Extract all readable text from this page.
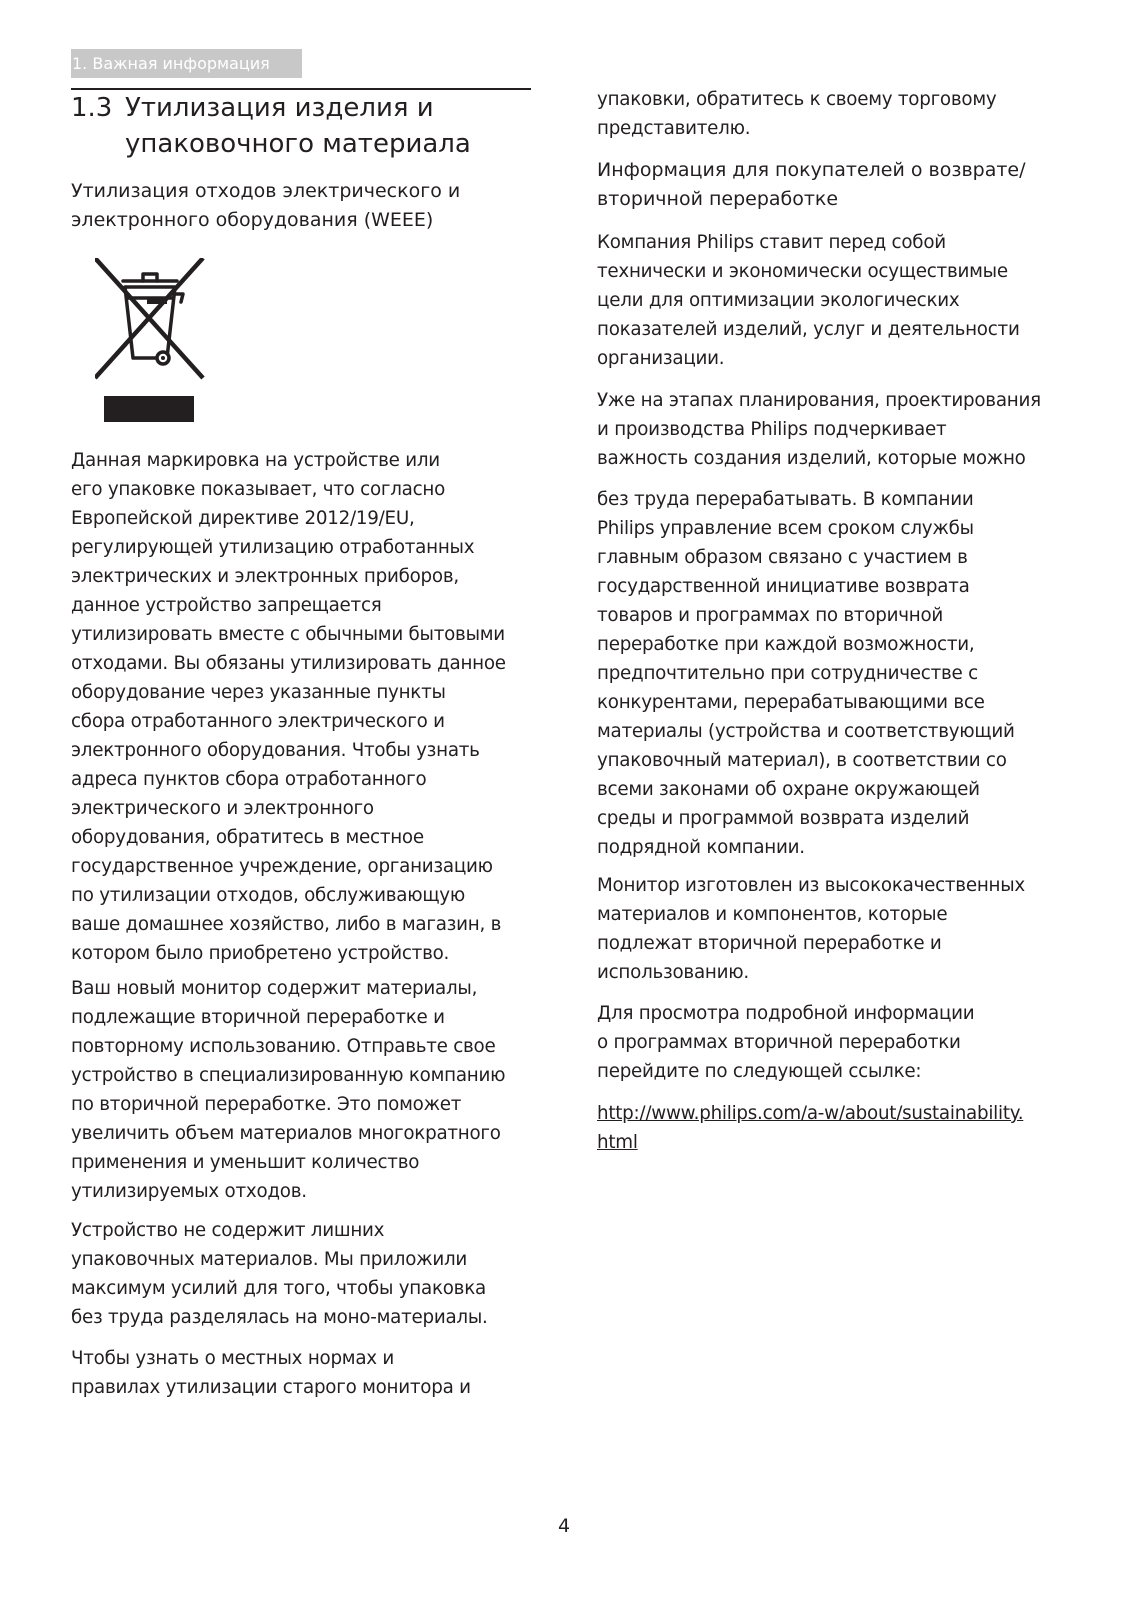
1. Важная информация
1.3 Утилизация изделия и
упаковочного материала

Утилизация отходов электрического и

электронного оборудования (WEEE)

Данная маркировка на устройстве или

его упаковке показывает, что согласно

Европейской директиве 2012/19/EU,

регулирующей утилизацию отработанных

электрических и электронных приборов,

данное устройство запрещается

утилизировать вместе с обычными бытовыми

отходами. Вы обязаны утилизировать данное

оборудование через указанные пункты

сбора отработанного электрического и

электронного оборудования. Чтобы узнать

адреса пунктов сбора отработанного

электрического и электронного

оборудования, обратитесь в местное

государственное учреждение, организацию

по утилизации отходов, обслуживающую

ваше домашнее хозяйство, либо в магазин, в

котором было приобретено устройство.

Ваш новый монитор содержит материалы,

подлежащие вторичной переработке и

повторному использованию. Отправьте свое

устройство в специализированную компанию

по вторичной переработке. Это поможет

увеличить объем материалов многократного

применения и уменьшит количество

утилизируемых отходов.

Устройство не содержит лишних

упаковочных материалов. Мы приложили

максимум усилий для того, чтобы упаковка

без труда разделялась на моно-материалы.

Чтобы узнать о местных нормах и

правилах утилизации старого монитора и

упаковки, обратитесь к своему торговому

представителю.

Информация для покупателей о возврате/

вторичной переработке

Компания Philips ставит перед собой

технически и экономически осуществимые

цели для оптимизации экологических

показателей изделий, услуг и деятельности

организации.

Уже на этапах планирования, проектирования

и производства Philips подчеркивает

важность создания изделий, которые можно

без труда перерабатывать. В компании

Philips управление всем сроком службы

главным образом связано с участием в

государственной инициативе возврата

товаров и программах по вторичной

переработке при каждой возможности,

предпочтительно при сотрудничестве с

конкурентами, перерабатывающими все

материалы (устройства и соответствующий

упаковочный материал), в соответствии со

всеми законами об охране окружающей

среды и программой возврата изделий

подрядной компании.

Монитор изготовлен из высококачественных

материалов и компонентов, которые

подлежат вторичной переработке и

использованию.

Для просмотра подробной информации

о программах вторичной переработки

перейдите по следующей ссылке:

http://www.philips.com/a-w/about/sustainability.

html

4
